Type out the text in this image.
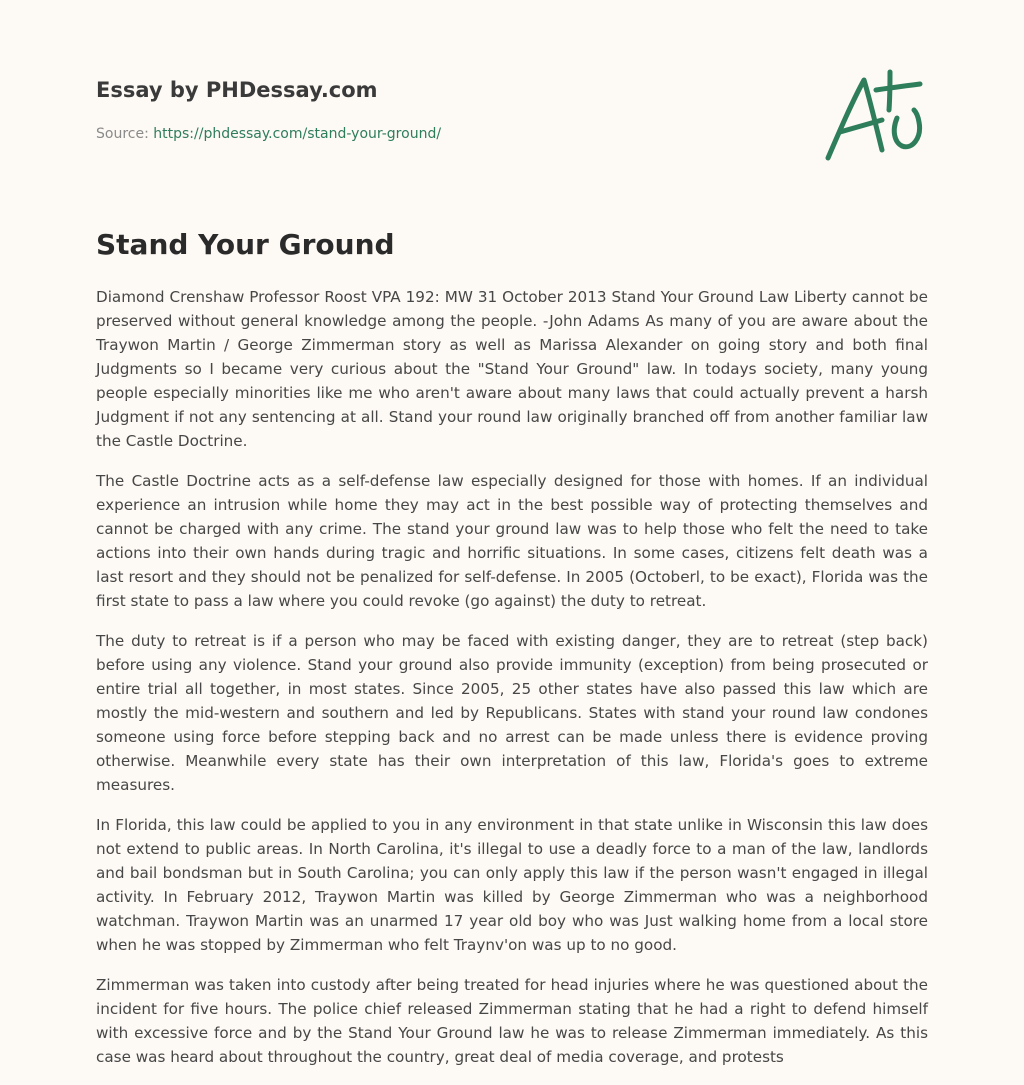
Essay by PHDessay.com
Source: https://phdessay.com/stand-your-ground/
Stand Your Ground

Diamond Crenshaw Professor Roost VPA 192: MW 31 October 2013 Stand Your Ground Law Liberty cannot be preserved without general knowledge among the people. -John Adams As many of you are aware about the Traywon Martin / George Zimmerman story as well as Marissa Alexander on going story and both final Judgments so I became very curious about the "Stand Your Ground" law. In todays society, many young people especially minorities like me who aren't aware about many laws that could actually prevent a harsh Judgment if not any sentencing at all. Stand your round law originally branched off from another familiar law the Castle Doctrine.

The Castle Doctrine acts as a self-defense law especially designed for those with homes. If an individual experience an intrusion while home they may act in the best possible way of protecting themselves and cannot be charged with any crime. The stand your ground law was to help those who felt the need to take actions into their own hands during tragic and horrific situations. In some cases, citizens felt death was a last resort and they should not be penalized for self-defense. In 2005 (Octoberl, to be exact), Florida was the first state to pass a law where you could revoke (go against) the duty to retreat.

The duty to retreat is if a person who may be faced with existing danger, they are to retreat (step back) before using any violence. Stand your ground also provide immunity (exception) from being prosecuted or entire trial all together, in most states. Since 2005, 25 other states have also passed this law which are mostly the mid-western and southern and led by Republicans. States with stand your round law condones someone using force before stepping back and no arrest can be made unless there is evidence proving otherwise. Meanwhile every state has their own interpretation of this law, Florida's goes to extreme measures.

In Florida, this law could be applied to you in any environment in that state unlike in Wisconsin this law does not extend to public areas. In North Carolina, it's illegal to use a deadly force to a man of the law, landlords and bail bondsman but in South Carolina; you can only apply this law if the person wasn't engaged in illegal activity. In February 2012, Traywon Martin was killed by George Zimmerman who was a neighborhood watchman. Traywon Martin was an unarmed 17 year old boy who was Just walking home from a local store when he was stopped by Zimmerman who felt Traynv'on was up to no good.

Zimmerman was taken into custody after being treated for head injuries where he was questioned about the incident for five hours. The police chief released Zimmerman stating that he had a right to defend himself with excessive force and by the Stand Your Ground law he was to release Zimmerman immediately. As this case was heard about throughout the country, great deal of media coverage, and protests
